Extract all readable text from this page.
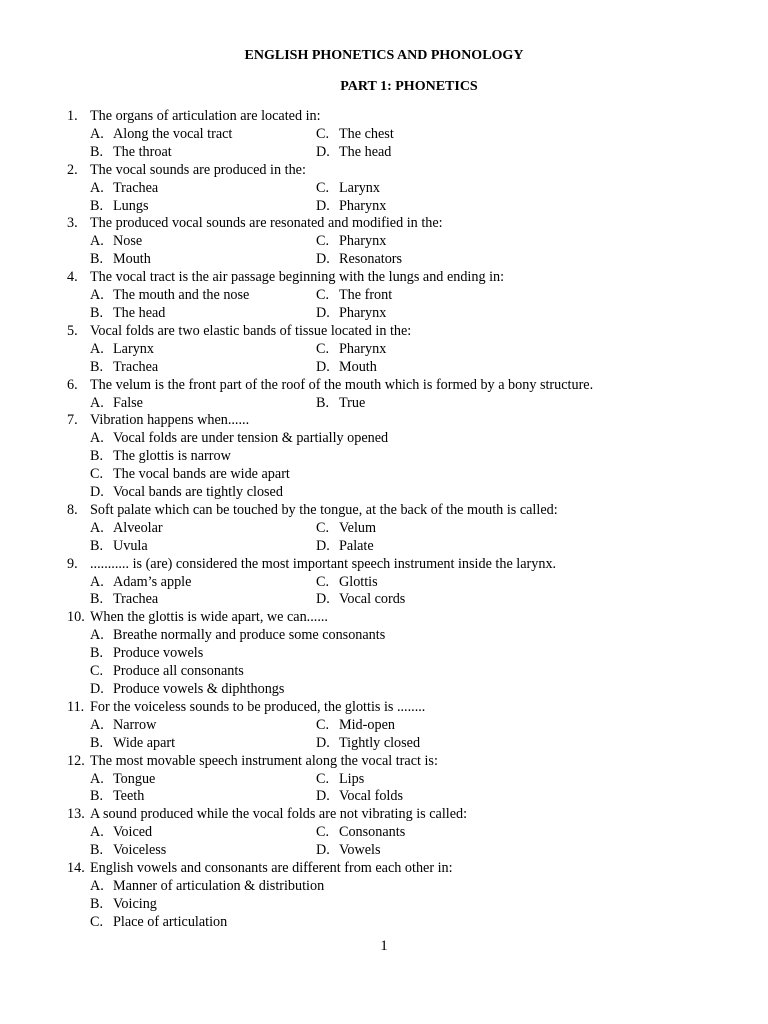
ENGLISH PHONETICS AND PHONOLOGY
PART 1: PHONETICS
1. The organs of articulation are located in:
A. Along the vocal tract	C. The chest
B. The throat	D. The head
2. The vocal sounds are produced in the:
A. Trachea	C. Larynx
B. Lungs	D. Pharynx
3. The produced vocal sounds are resonated and modified in the:
A. Nose	C. Pharynx
B. Mouth	D. Resonators
4. The vocal tract is the air passage beginning with the lungs and ending in:
A. The mouth and the nose	C. The front
B. The head	D. Pharynx
5. Vocal folds are two elastic bands of tissue located in the:
A. Larynx	C. Pharynx
B. Trachea	D. Mouth
6. The velum is the front part of the roof of the mouth which is formed by a bony structure.
A. False	B. True
7. Vibration happens when......
A. Vocal folds are under tension & partially opened
B. The glottis is narrow
C. The vocal bands are wide apart
D. Vocal bands are tightly closed
8. Soft palate which can be touched by the tongue, at the back of the mouth is called:
A. Alveolar	C. Velum
B. Uvula	D. Palate
9. ........... is (are) considered the most important speech instrument inside the larynx.
A. Adam’s apple	C. Glottis
B. Trachea	D. Vocal cords
10. When the glottis is wide apart, we can......
A. Breathe normally and produce some consonants
B. Produce vowels
C. Produce all consonants
D. Produce vowels & diphthongs
11. For the voiceless sounds to be produced, the glottis is ........
A. Narrow	C. Mid-open
B. Wide apart	D. Tightly closed
12. The most movable speech instrument along the vocal tract is:
A. Tongue	C. Lips
B. Teeth	D. Vocal folds
13. A sound produced while the vocal folds are not vibrating is called:
A. Voiced	C. Consonants
B. Voiceless	D. Vowels
14. English vowels and consonants are different from each other in:
A. Manner of articulation & distribution
B. Voicing
C. Place of articulation
1
